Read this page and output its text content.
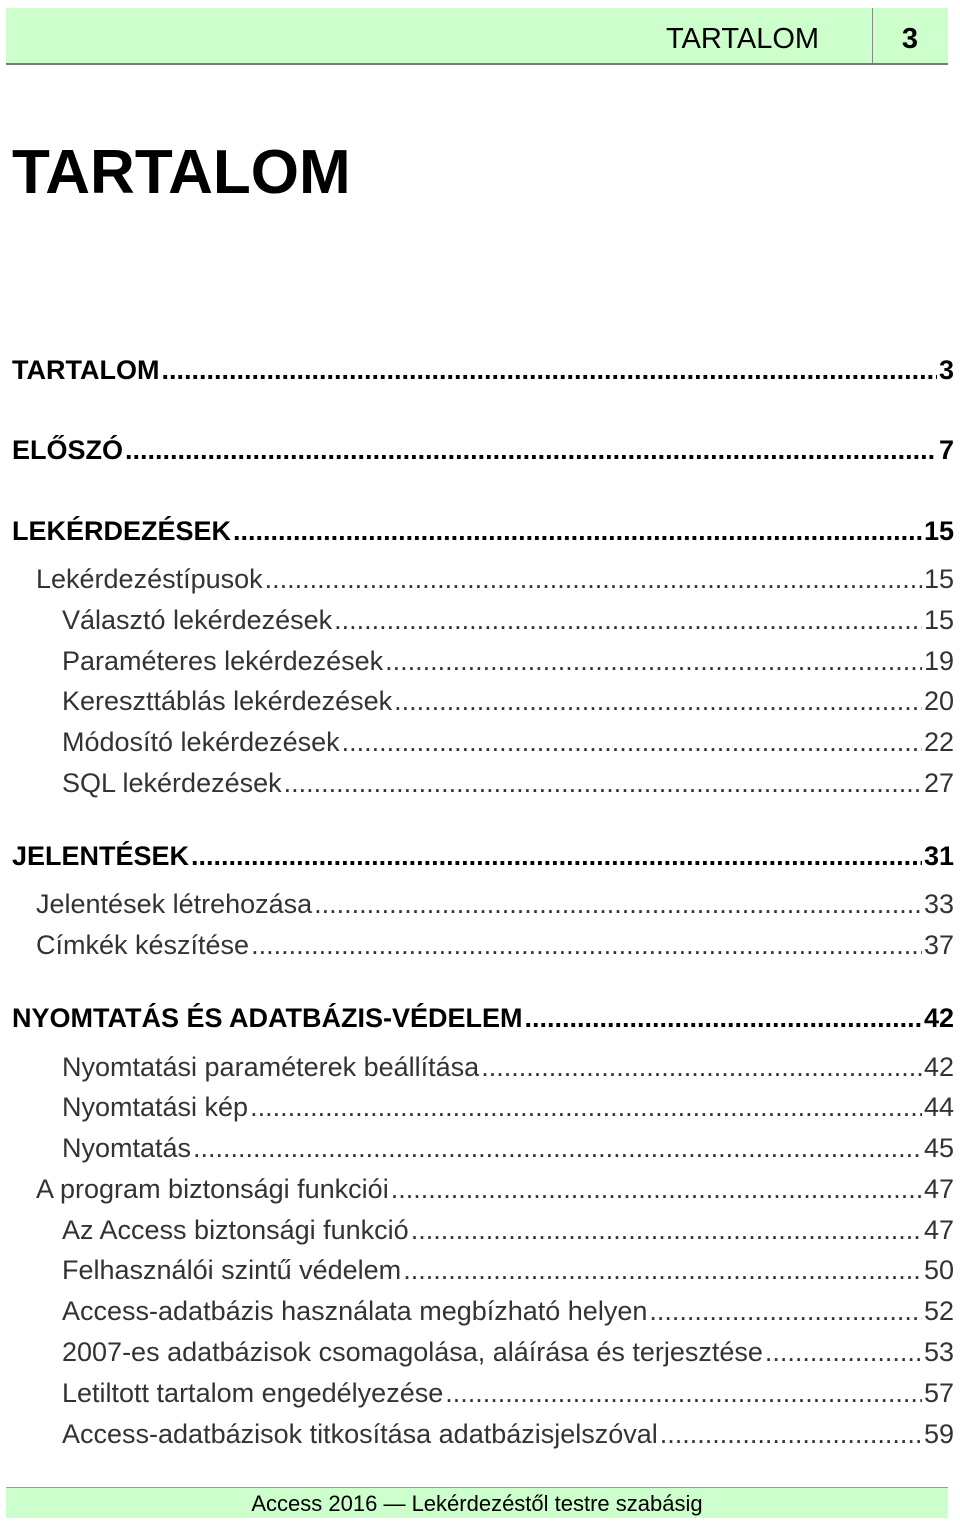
TARTALOM	3
TARTALOM
TARTALOM .....	3
ELŐSZÓ .....	7
LEKÉRDEZÉSEK .....	15
Lekérdezéstípusok .....	15
Választó lekérdezések .....	15
Paraméteres lekérdezések .....	19
Kereszttáblás lekérdezések .....	20
Módosító lekérdezések .....	22
SQL lekérdezések .....	27
JELENTÉSEK .....	31
Jelentések létrehozása .....	33
Címkék készítése .....	37
NYOMTATÁS ÉS ADATBÁZIS-VÉDELEM .....	42
Nyomtatási paraméterek beállítása .....	42
Nyomtatási kép .....	44
Nyomtatás .....	45
A program biztonsági funkciói .....	47
Az Access biztonsági funkció .....	47
Felhasználói szintű védelem .....	50
Access-adatbázis használata megbízható helyen .....	52
2007-es adatbázisok csomagolása, aláírása és terjesztése .....	53
Letiltott tartalom engedélyezése .....	57
Access-adatbázisok titkosítása adatbázisjelszóval .....	59
Access 2016 — Lekérdezéstől testre szabásig
